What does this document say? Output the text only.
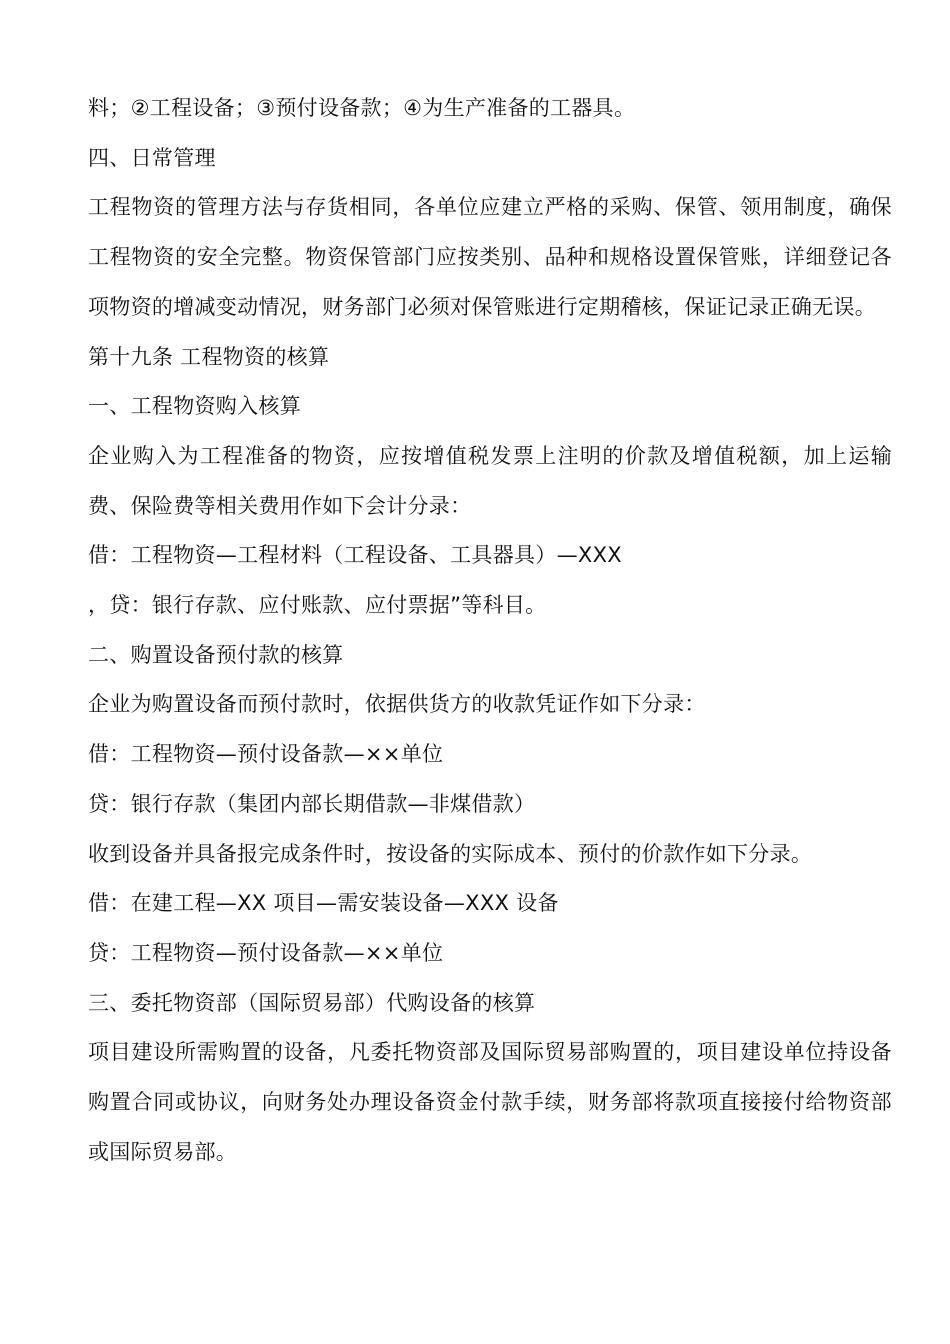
料；②工程设备；③预付设备款；④为生产准备的工器具。

四、日常管理

工程物资的管理方法与存货相同，各单位应建立严格的采购、保管、领用制度，确保工程物资的安全完整。物资保管部门应按类别、品种和规格设置保管账，详细登记各项物资的增减变动情况，财务部门必须对保管账进行定期稽核，保证记录正确无误。

第十九条 工程物资的核算

一、工程物资购入核算

企业购入为工程准备的物资，应按增值税发票上注明的价款及增值税额，加上运输费、保险费等相关费用作如下会计分录：

借：工程物资—工程材料（工程设备、工具器具）—XXX

，贷：银行存款、应付账款、应付票据”等科目。

二、购置设备预付款的核算

企业为购置设备而预付款时，依据供货方的收款凭证作如下分录：

借：工程物资—预付设备款—××单位

贷：银行存款（集团内部长期借款—非煤借款）

收到设备并具备报完成条件时，按设备的实际成本、预付的价款作如下分录。

借：在建工程—XX 项目—需安装设备—XXX 设备

贷：工程物资—预付设备款—××单位

三、委托物资部（国际贸易部）代购设备的核算

项目建设所需购置的设备，凡委托物资部及国际贸易部购置的，项目建设单位持设备购置合同或协议，向财务处办理设备资金付款手续，财务部将款项直接接付给物资部或国际贸易部。
